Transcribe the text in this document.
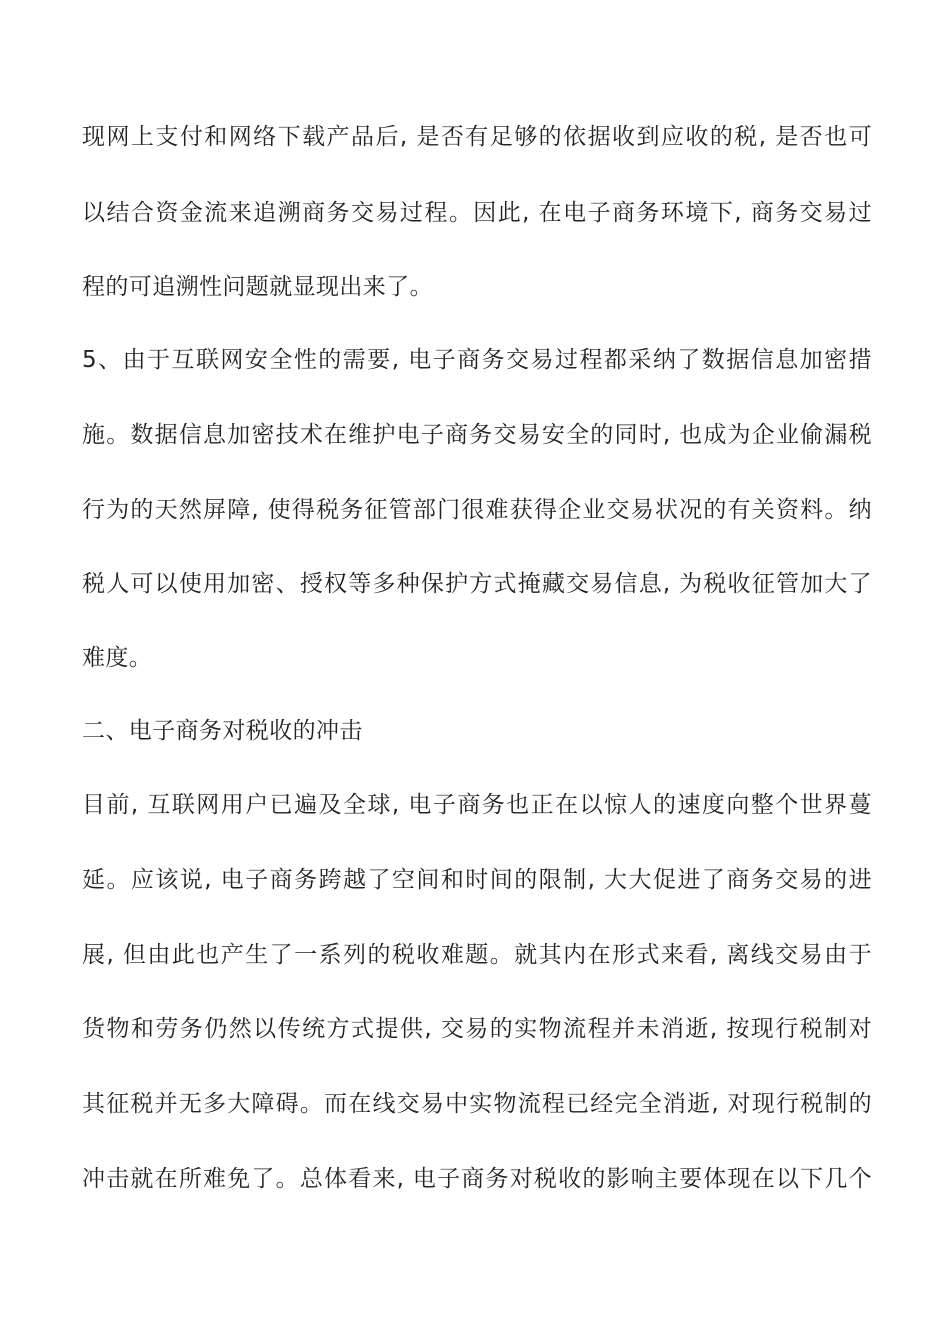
现网上支付和网络下载产品后, 是否有足够的依据收到应收的税, 是否也可
以结合资金流来追溯商务交易过程。因此, 在电子商务环境下, 商务交易过
程的可追溯性问题就显现出来了。
5、由于互联网安全性的需要, 电子商务交易过程都采纳了数据信息加密措
施。数据信息加密技术在维护电子商务交易安全的同时, 也成为企业偷漏税
行为的天然屏障, 使得税务征管部门很难获得企业交易状况的有关资料。纳
税人可以使用加密、授权等多种保护方式掩藏交易信息, 为税收征管加大了
难度。
二、电子商务对税收的冲击
目前, 互联网用户已遍及全球, 电子商务也正在以惊人的速度向整个世界蔓
延。应该说, 电子商务跨越了空间和时间的限制, 大大促进了商务交易的进
展, 但由此也产生了一系列的税收难题。就其内在形式来看, 离线交易由于
货物和劳务仍然以传统方式提供, 交易的实物流程并未消逝, 按现行税制对
其征税并无多大障碍。而在线交易中实物流程已经完全消逝, 对现行税制的
冲击就在所难免了。总体看来, 电子商务对税收的影响主要体现在以下几个
